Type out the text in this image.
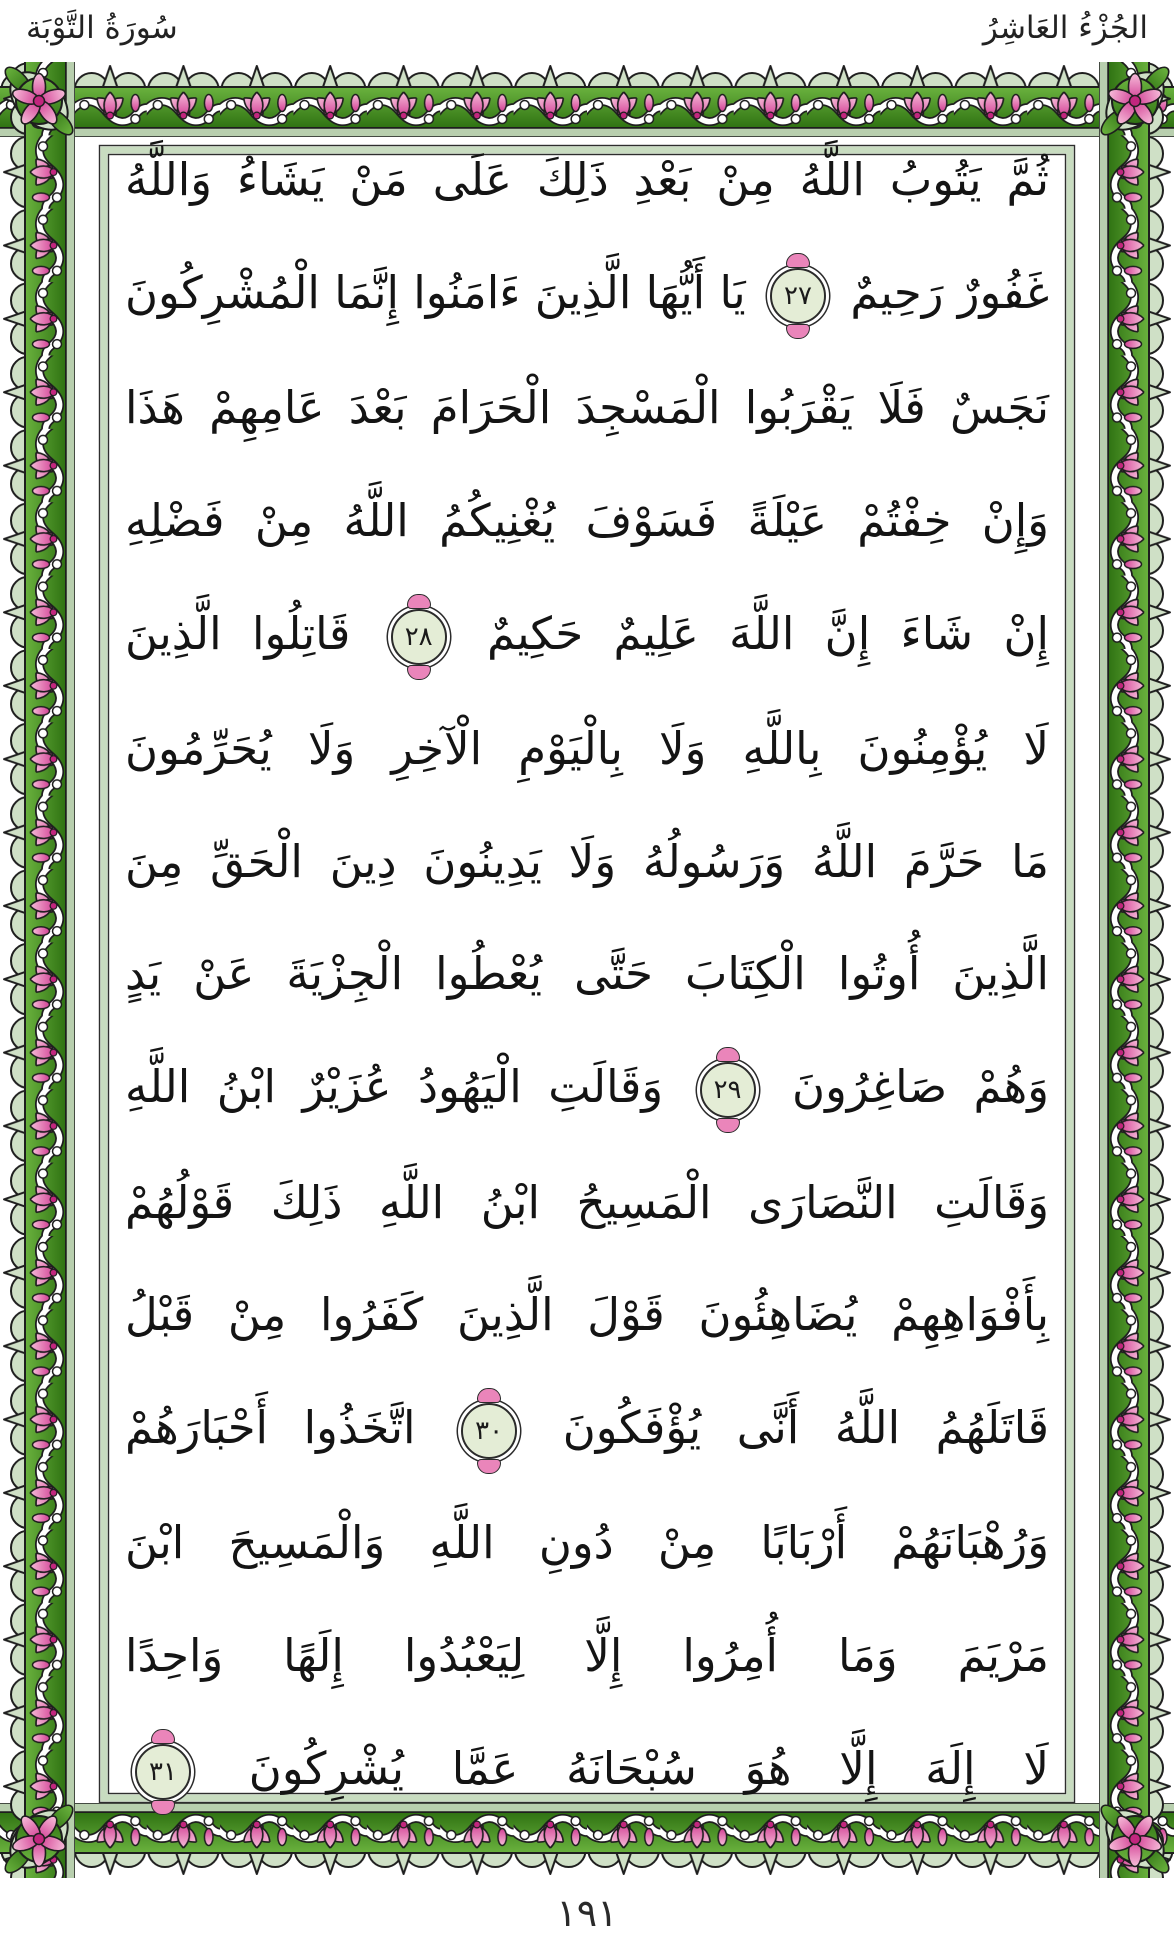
الجُزْءُ العَاشِرُ
سُورَةُ التَّوْبَة
ثُمَّ يَتُوبُ اللَّهُ مِنْ بَعْدِ ذَلِكَ عَلَى مَنْ يَشَاءُ وَاللَّهُ
غَفُورٌ رَحِيمٌ
٢٧
يَا أَيُّهَا الَّذِينَ ءَامَنُوا إِنَّمَا الْمُشْرِكُونَ
نَجَسٌ فَلَا يَقْرَبُوا الْمَسْجِدَ الْحَرَامَ بَعْدَ عَامِهِمْ هَذَا
وَإِنْ خِفْتُمْ عَيْلَةً فَسَوْفَ يُغْنِيكُمُ اللَّهُ مِنْ فَضْلِهِ
إِنْ شَاءَ إِنَّ اللَّهَ عَلِيمٌ حَكِيمٌ
٢٨
قَاتِلُوا الَّذِينَ
لَا يُؤْمِنُونَ بِاللَّهِ وَلَا بِالْيَوْمِ الْآخِرِ وَلَا يُحَرِّمُونَ
مَا حَرَّمَ اللَّهُ وَرَسُولُهُ وَلَا يَدِينُونَ دِينَ الْحَقِّ مِنَ
الَّذِينَ أُوتُوا الْكِتَابَ حَتَّى يُعْطُوا الْجِزْيَةَ عَنْ يَدٍ
وَهُمْ صَاغِرُونَ
٢٩
وَقَالَتِ الْيَهُودُ عُزَيْرٌ ابْنُ اللَّهِ
وَقَالَتِ النَّصَارَى الْمَسِيحُ ابْنُ اللَّهِ ذَلِكَ قَوْلُهُمْ
بِأَفْوَاهِهِمْ يُضَاهِئُونَ قَوْلَ الَّذِينَ كَفَرُوا مِنْ قَبْلُ
قَاتَلَهُمُ اللَّهُ أَنَّى يُؤْفَكُونَ
٣٠
اتَّخَذُوا أَحْبَارَهُمْ
وَرُهْبَانَهُمْ أَرْبَابًا مِنْ دُونِ اللَّهِ وَالْمَسِيحَ ابْنَ
مَرْيَمَ وَمَا أُمِرُوا إِلَّا لِيَعْبُدُوا إِلَهًا وَاحِدًا
لَا إِلَهَ إِلَّا هُوَ سُبْحَانَهُ عَمَّا يُشْرِكُونَ
٣١
١٩١
